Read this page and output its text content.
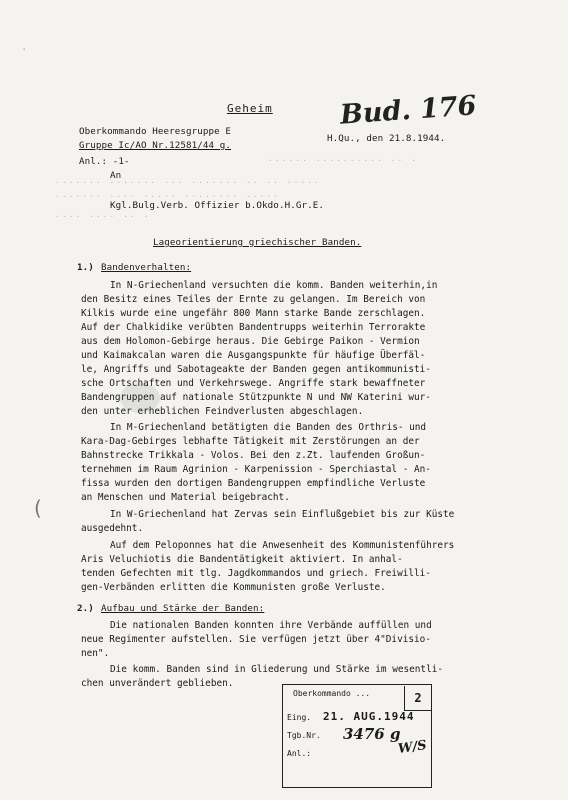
(
·
Geheim Bud. 176
Oberkommando Heeresgruppe E
Gruppe Ic/AO Nr.12581/44 g.
H.Qu., den 21.8.1944.
Anl.: -1-	······ ·········· ·· ·
······· ······· ··· ······· ·· ·· ·····
······· ···· ····· ········ ·····
···· ···· ·· ·
An
Kgl.Bulg.Verb. Offizier b.Okdo.H.Gr.E.
Lageorientierung griechischer Banden.
1.) Bandenverhalten:
In N-Griechenland versuchten die komm. Banden weiterhin,in
den Besitz eines Teiles der Ernte zu gelangen. Im Bereich von
Kilkis wurde eine ungefähr 800 Mann starke Bande zerschlagen.
Auf der Chalkidike verübten Bandentrupps weiterhin Terrorakte
aus dem Holomon-Gebirge heraus. Die Gebirge Paikon - Vermion
und Kaimakcalan waren die Ausgangspunkte für häufige Überfäl-
le, Angriffs und Sabotageakte der Banden gegen antikommunisti-
sche Ortschaften und Verkehrswege. Angriffe stark bewaffneter
Bandengruppen auf nationale Stützpunkte N und NW Katerini wur-
den unter erheblichen Feindverlusten abgeschlagen.
In M-Griechenland betätigten die Banden des Orthris- und
Kara-Dag-Gebirges lebhafte Tätigkeit mit Zerstörungen an der
Bahnstrecke Trikkala - Volos. Bei den z.Zt. laufenden Großun-
ternehmen im Raum Agrinion - Karpenission - Sperchiastal - An-
fissa wurden den dortigen Bandengruppen empfindliche Verluste
an Menschen und Material beigebracht.
In W-Griechenland hat Zervas sein Einflußgebiet bis zur Küste
ausgedehnt.
Auf dem Peloponnes hat die Anwesenheit des Kommunistenführers
Aris Veluchiotis die Bandentätigkeit aktiviert. In anhal-
tenden Gefechten mit tlg. Jagdkommandos und griech. Freiwilli-
gen-Verbänden erlitten die Kommunisten große Verluste.
2.) Aufbau und Stärke der Banden:
Die nationalen Banden konnten ihre Verbände auffüllen und
neue Regimenter aufstellen. Sie verfügen jetzt über 4"Divisio-
nen".
Die komm. Banden sind in Gliederung und Stärke im wesentli-
chen unverändert geblieben.
Oberkommando ...
Eing. 21. AUG.1944
Tgb.Nr. 3476 g
Anl.:
2
W/S
